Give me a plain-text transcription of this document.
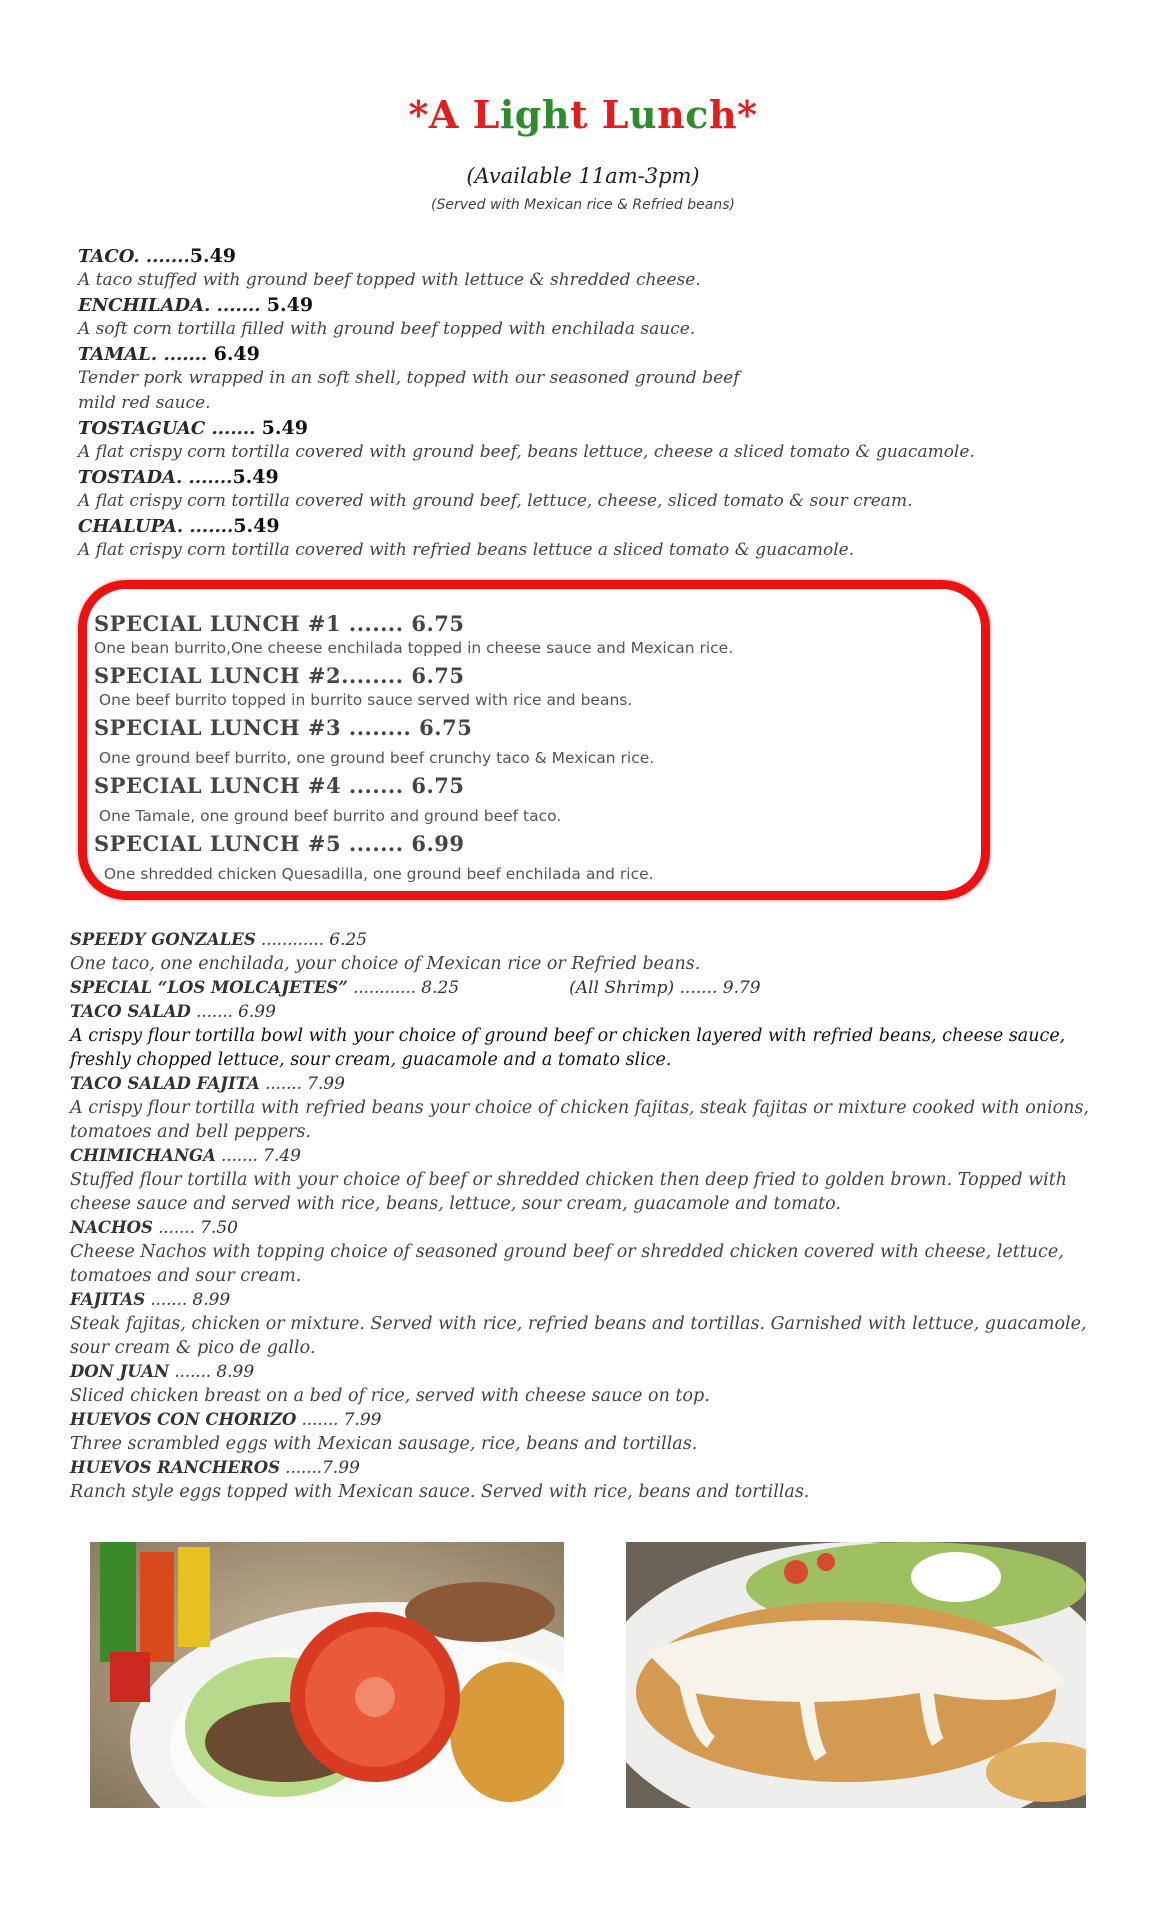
*A Light Lunch*
(Available 11am-3pm)
(Served with Mexican rice & Refried beans)
TACO. .......5.49
A taco stuffed with ground beef topped with lettuce & shredded cheese.
ENCHILADA. ....... 5.49
A soft corn tortilla filled with ground beef topped with enchilada sauce.
TAMAL. ....... 6.49
Tender pork wrapped in an soft shell, topped with our seasoned ground beef
mild red sauce.
TOSTAGUAC ....... 5.49
A flat crispy corn tortilla covered with ground beef, beans lettuce, cheese a sliced tomato & guacamole.
TOSTADA. .......5.49
A flat crispy corn tortilla covered with ground beef, lettuce, cheese, sliced tomato & sour cream.
CHALUPA. .......5.49
A flat crispy corn tortilla covered with refried beans lettuce a sliced tomato & guacamole.
SPECIAL LUNCH #1 ....... 6.75
One bean burrito,One cheese enchilada topped in cheese sauce and Mexican rice.
SPECIAL LUNCH #2........ 6.75
One beef burrito topped in burrito sauce served with rice and beans.
SPECIAL LUNCH #3 ........ 6.75
One ground beef burrito, one ground beef crunchy taco & Mexican rice.
SPECIAL LUNCH #4 ....... 6.75
One Tamale, one ground beef burrito and ground beef taco.
SPECIAL LUNCH #5 ....... 6.99
One shredded chicken Quesadilla, one ground beef enchilada and rice.
SPEEDY GONZALES ............ 6.25
One taco, one enchilada, your choice of Mexican rice or Refried beans.
SPECIAL “LOS MOLCAJETES” ............ 8.25	(All Shrimp) ....... 9.79
TACO SALAD ....... 6.99
A crispy flour tortilla bowl with your choice of ground beef or chicken layered with refried beans, cheese sauce, freshly chopped lettuce, sour cream, guacamole and a tomato slice.
TACO SALAD FAJITA ....... 7.99
A crispy flour tortilla with refried beans your choice of chicken fajitas, steak fajitas or mixture cooked with onions, tomatoes and bell peppers.
CHIMICHANGA ....... 7.49
Stuffed flour tortilla with your choice of beef or shredded chicken then deep fried to golden brown. Topped with cheese sauce and served with rice, beans, lettuce, sour cream, guacamole and tomato.
NACHOS ....... 7.50
Cheese Nachos with topping choice of seasoned ground beef or shredded chicken covered with cheese, lettuce, tomatoes and sour cream.
FAJITAS ....... 8.99
Steak fajitas, chicken or mixture. Served with rice, refried beans and tortillas. Garnished with lettuce, guacamole, sour cream & pico de gallo.
DON JUAN ....... 8.99
Sliced chicken breast on a bed of rice, served with cheese sauce on top.
HUEVOS CON CHORIZO ....... 7.99
Three scrambled eggs with Mexican sausage, rice, beans and tortillas.
HUEVOS RANCHEROS .......7.99
Ranch style eggs topped with Mexican sauce. Served with rice, beans and tortillas.
